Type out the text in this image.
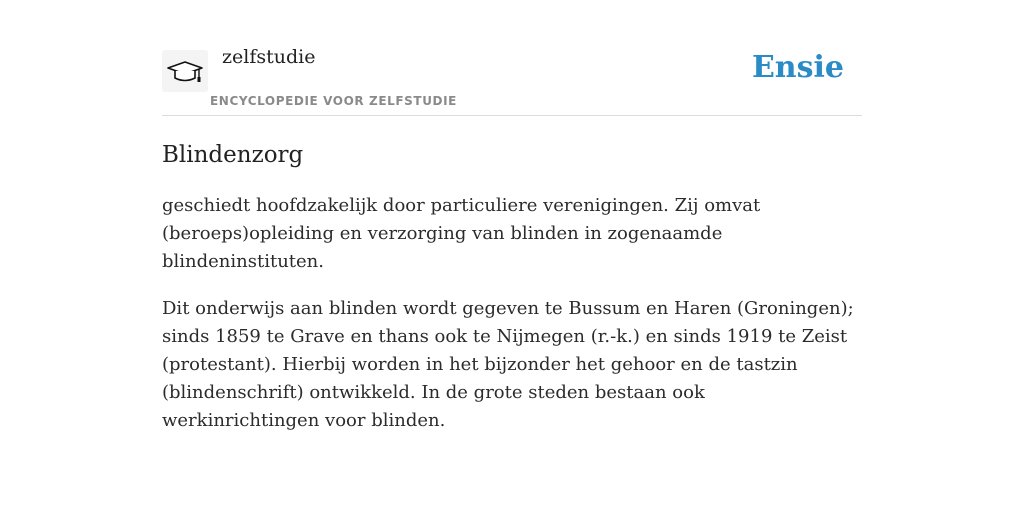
zelfstudie
ENCYCLOPEDIE VOOR ZELFSTUDIE
Ensie
Blindenzorg

geschiedt hoofdzakelijk door particuliere verenigingen. Zij omvat (beroeps)opleiding en verzorging van blinden in zogenaamde blindeninstituten.

Dit onderwijs aan blinden wordt gegeven te Bussum en Haren (Groningen); sinds 1859 te Grave en thans ook te Nijmegen (r.-k.) en sinds 1919 te Zeist (protestant). Hierbij worden in het bijzonder het gehoor en de tastzin (blindenschrift) ontwikkeld. In de grote steden bestaan ook werkinrichtingen voor blinden.
